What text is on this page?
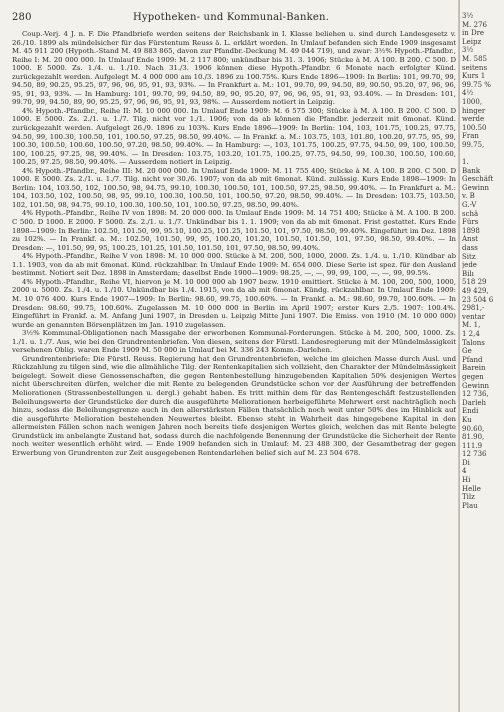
280	Hypotheken- und Kommunal-Banken.

Coup.-Verj. 4 J. n. F. Die Pfandbriefe werden seitens der Reichsbank in I. Klasse beliehen u. sind durch Landesgesetz v. 26./10. 1899 als mündelsicher für das Fürstentum Reuss ä. L. erklärt worden. In Umlauf befanden sich Ende 1909 insgesamt M. 45 911 200 (Hypoth.-Stand M. 49 883 865, davon zur Pfandbr.-Deckung M. 49 044 719), und zwar: 3½% Hypoth.-Pfandbr., Reihe I: M. 20 000 000. In Umlauf Ende 1909: M. 2 117 800; unkündbar bis 31. 3. 1906; Stücke à M. A 100. B 200. C 500. D 1000. E 5000. Zs. 1./4. u. 1./10. Nach 31./3. 1906 können diese Hypoth.-Pfandbr. 6 Monate nach erfolgter Künd. zurückgezahlt werden. Aufgelegt M. 4 000 000 am 10./3. 1896 zu 100.75%. Kurs Ende 1896—1909: In Berlin: 101, 99.70, 99, 94.50, 89, 90.25, 95.25, 97, 96, 96, 95, 91, 93, 93%. — In Frankfurt a. M.: 101, 99.70, 99, 94.50, 89, 90.50, 95.20, 97, 96, 96, 95, 91, 93, 93%. — In Hamburg: 101, 99.70, 99, 94.50, 89, 90, 95.20, 97, 96, 96, 95, 91, 93, 93.40%. — In Dresden: 101, 99.70, 99, 94.50, 89, 90, 95.25, 97, 96, 96, 95, 91, 93, 98%. — Ausserdem notiert in Leipzig.

4% Hypoth.-Pfandbr., Reihe II: M. 10 000 000. In Umlauf Ende 1909: M. 6 575 300; Stücke à M. A 100. B 200. C 500. D 1000. E 5000. Zs. 2./1. u. 1./7. Tilg. nicht vor 1./1. 1906; von da ab können die Pfandbr. jederzeit mit 6monat. Künd. zurückgezahlt werden. Aufgelegt 26./9. 1896 zu 103%. Kurs Ende 1896—1909: In Berlin: 104, 103, 101.75, 100.25, 97.75, 94.50, 99, 100.30, 100.50, 101, 100.50, 97.25, 98.50, 99.40%. — In Frankf. a. M.: 103.75, 103, 101.80, 100.20, 97.75, 95, 99, 100.30, 100.50, 100.60, 100.50, 97.20, 98.50, 99.40%. — In Hamburg: —, 103, 101.75, 100.25, 97.75, 94.50, 99, 100, 100.50, 100, 100.25, 97.25, 98, 99.40%. — In Dresden: 103.75, 103.20, 101.75, 100.25, 97.75, 94.50, 99, 100.30, 100.50, 100.60, 100.25, 97.25, 98.50, 99.40%. — Ausserdem notiert in Leipzig.

4% Hypoth.-Pfandbr., Reihe III: M. 20 000 000. In Umlauf Ende 1909: M. 11 755 400; Stücke à M. A 100. B 200. C 500. D 1000. E 5000. Zs. 2./1. u. 1./7. Tilg. nicht vor 30./6. 1907; von da ab mit 6monat. Künd. zulässig. Kurs Ende 1898—1909: In Berlin: 104, 103.50, 102, 100.50, 98, 94.75, 99.10, 100.30, 100.50, 101, 100.50, 97.25, 98.50, 99.40%. — In Frankfurt a. M.: 104, 103.50, 102, 100.50, 98, 95, 99.10, 100.30, 100.50, 101, 100.50, 97.20, 98.50, 99.40%. — In Dresden: 103.75, 103.50, 102, 101.50, 98, 94.75, 99.10, 100.30, 100.50, 101, 100.50, 97.25, 98.50, 99.40%.

4% Hypoth.-Pfandbr., Reihe IV von 1898: M. 20 000 000. In Umlauf Ende 1909: M. 14 751 400; Stücke à M. A 100. B 200. C 500. D 1000. E 2000. F 5000. Zs. 2./1. u. 1./7. Unkündbar bis 1. 1. 1909; von da ab mit 6monat. Frist gestattet. Kurs Ende 1898—1909: In Berlin: 102.50, 101.50, 99, 95.10, 100.25, 101.25, 101.50, 101, 97.50, 98.50, 99.40%. Eingeführt im Dez. 1898 zu 102%. — In Frankf. a. M.: 102.50, 101.50, 99, 95, 100.20, 101.20, 101.50, 101.50, 101, 97.50, 98.50, 99.40%. — In Dresden: —, 101.50, 99, 95, 100.25, 101.25, 101.50, 101.50, 101, 97.50, 98.50, 99.40%.

4% Hypoth.-Pfandbr., Reihe V von 1898: M. 10 000 000. Stücke à M. 200, 500, 1000, 2000. Zs. 1./4. u. 1./10. Kündbar ab 1.1. 1903, von da ab mit 6monat. Künd. rückzahlbar. In Umlauf Ende 1909: M. 654 000. Diese Serie ist spez. für den Ausland bestimmt. Notiert seit Dez. 1898 in Amsterdam; daselbst Ende 1900—1909: 98.25, —, —, 99, 99, 100, —, —, 99, 99.5%.

4% Hypoth.-Pfandbr., Reihe VI, hiervon je M. 10 000 000 ab 1907 bezw. 1910 emittiert. Stücke à M. 100, 200, 500, 1000, 2000 u. 5000. Zs. 1./4. u. 1./10. Unkündbar bis 1./4. 1915, von da ab mit 6monat. Kündg. rückzahlbar. In Umlauf Ende 1909: M. 10 076 400. Kurs Ende 1907—1909: In Berlin: 98.60, 99.75, 100.60%. — In Frankf. a. M.: 98.60, 99.70, 100.60%. — In Dresden: 98.60, 99.75, 100.60%. Zugelassen M. 10 000 000 in Berlin im April 1907; erster Kurs 2./5. 1907: 100.4%. Eingeführt in Frankf. a. M. Anfang Juni 1907, in Dresden u. Leipzig Mitte Juni 1907. Die Emiss. von 1910 (M. 10 000 000) wurde an genannten Börsenplätzen im Jan. 1910 zugelassen.

3½% Kommunal-Obligationen nach Massgabe der erworbenen Kommunal-Forderungen. Stücke à M. 200, 500, 1000. Zs. 1./1. u. 1./7. Aus, wie bei den Grundrentenbriefen. Von diesen, seitens der Fürstl. Landesregierung mit der Mündelmässigkeit versehenen Oblig. waren Ende 1909 M. 50 000 in Umlauf bei M. 336 243 Komm.-Darlehen.

Grundrentenbriefe: Die Fürstl. Reuss. Regierung hat den Grundrentenbriefen, welche im gleichen Masse durch Ausl. und Rückzahlung zu tilgen sind, wie die allmähliche Tilg. der Rentenkapitalien sich vollzieht, den Charakter der Mündelmässigkeit beigelegt. Soweit diese Genossenschaften, die gegen Rentenbestellung hinzugebenden Kapitalien 50% desjenigen Wertes nicht überschreiten dürfen, welcher die mit Rente zu belegenden Grundstücke schon vor der Ausführung der betreffenden Meliorationen (Strassenbestellungen u. dergl.) gehabt haben. Es tritt mithin dem für das Rentengeschäft festzustellenden Beleihungswerte der Grundstücke der durch die ausgeführte Meliorationen herbeigeführte Mehrwert erst nachträglich noch hinzu, sodass die Beleihungsgrenze auch in den allerstärksten Fällen thatsächlich noch weit unter 50% des im Hinblick auf die ausgeführte Melioration bestehenden Neuwertes bleibt. Ebenso steht in Wahrheit das hingegebene Kapital in den allermeisten Fällen schon nach wenigen Jahren noch bereits tiefe desjenigen Wertes gleich, welchen das mit Rente belegte Grundstück im anbelangte Zustand hat, sodass durch die nachfolgende Benennung der Grundstücke die Sicherheit der Rente noch weiter wesentlich erhöht wird. — Ende 1909 befanden sich in Umlauf: M. 23 488 300, der Gesamtbetrag der gegen Erwerbung von Grundrenten zur Zeit ausgegebenen Rentendarlehen belief sich auf M. 23 504 678.

3½
M. 276
in Dre
Leipz
3½
M. 585
seitens
Kurs 1
99.75 %
4½
1000,
hinger
werde
100.50
Fran
99.75,

1.
Bank
Geschäft
Gewinn
v. B
G.-V
schä
Fürs
1898
Anst
dass
Sitz
jede
Bilı
518 29
49 429,
23 504 6
2981,-
ventar
M. 1,
1 2,4
Talons
Ge
Pfand
Barein
gegen
Gewinn
12 736,
Darleh
Endi
Ku
90.60,
81.90,
111.9
12 736
Di
4
Hi
Helle
Tilz
Plau
